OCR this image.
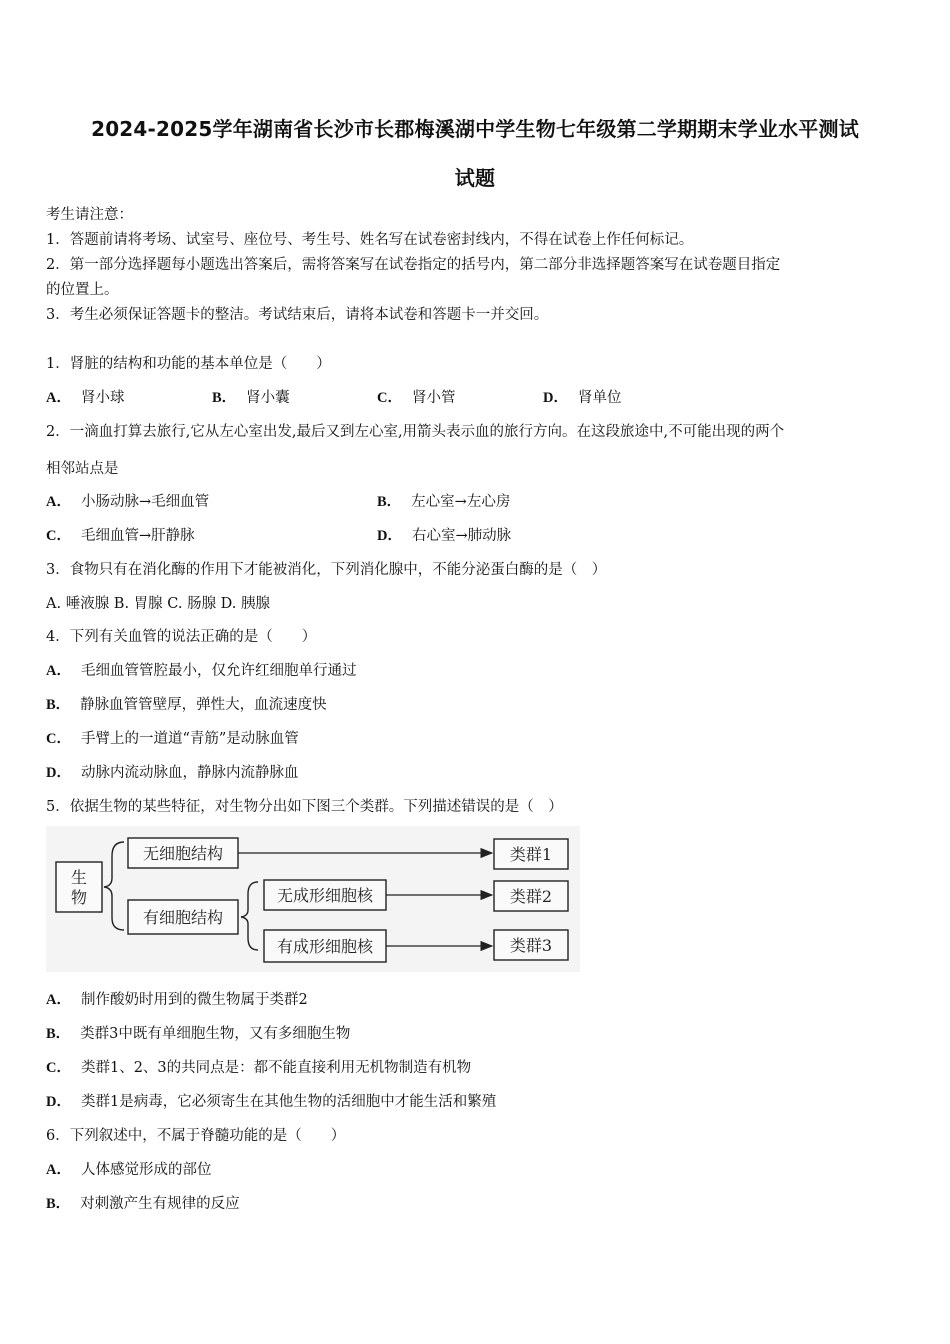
2024-2025学年湖南省长沙市长郡梅溪湖中学生物七年级第二学期期末学业水平测试
试题
考生请注意：
1．答题前请将考场、试室号、座位号、考生号、姓名写在试卷密封线内，不得在试卷上作任何标记。
2．第一部分选择题每小题选出答案后，需将答案写在试卷指定的括号内，第二部分非选择题答案写在试卷题目指定
的位置上。
3．考生必须保证答题卡的整洁。考试结束后，请将本试卷和答题卡一并交回。
1．肾脏的结构和功能的基本单位是（　　）
A． 肾小球	B． 肾小囊	C． 肾小管	D． 肾单位
2．一滴血打算去旅行,它从左心室出发,最后又到左心室,用箭头表示血的旅行方向。在这段旅途中,不可能出现的两个
相邻站点是
A． 小肠动脉→毛细血管	B． 左心室→左心房
C． 毛细血管→肝静脉	D． 右心室→肺动脉
3．食物只有在消化酶的作用下才能被消化，下列消化腺中，不能分泌蛋白酶的是（　）
A. 唾液腺 B. 胃腺 C. 肠腺 D. 胰腺
4．下列有关血管的说法正确的是（　　）
A． 毛细血管管腔最小，仅允许红细胞单行通过
B． 静脉血管管壁厚，弹性大，血流速度快
C． 手臂上的一道道“青筋”是动脉血管
D． 动脉内流动脉血，静脉内流静脉血
5．依据生物的某些特征，对生物分出如下图三个类群。下列描述错误的是（　）
生
物
无细胞结构
有细胞结构
无成形细胞核
有成形细胞核
类群1
类群2
类群3
A． 制作酸奶时用到的微生物属于类群2
B． 类群3中既有单细胞生物，又有多细胞生物
C． 类群1、2、3的共同点是：都不能直接利用无机物制造有机物
D． 类群1是病毒，它必须寄生在其他生物的活细胞中才能生活和繁殖
6．下列叙述中，不属于脊髓功能的是（　　）
A． 人体感觉形成的部位
B． 对刺激产生有规律的反应
